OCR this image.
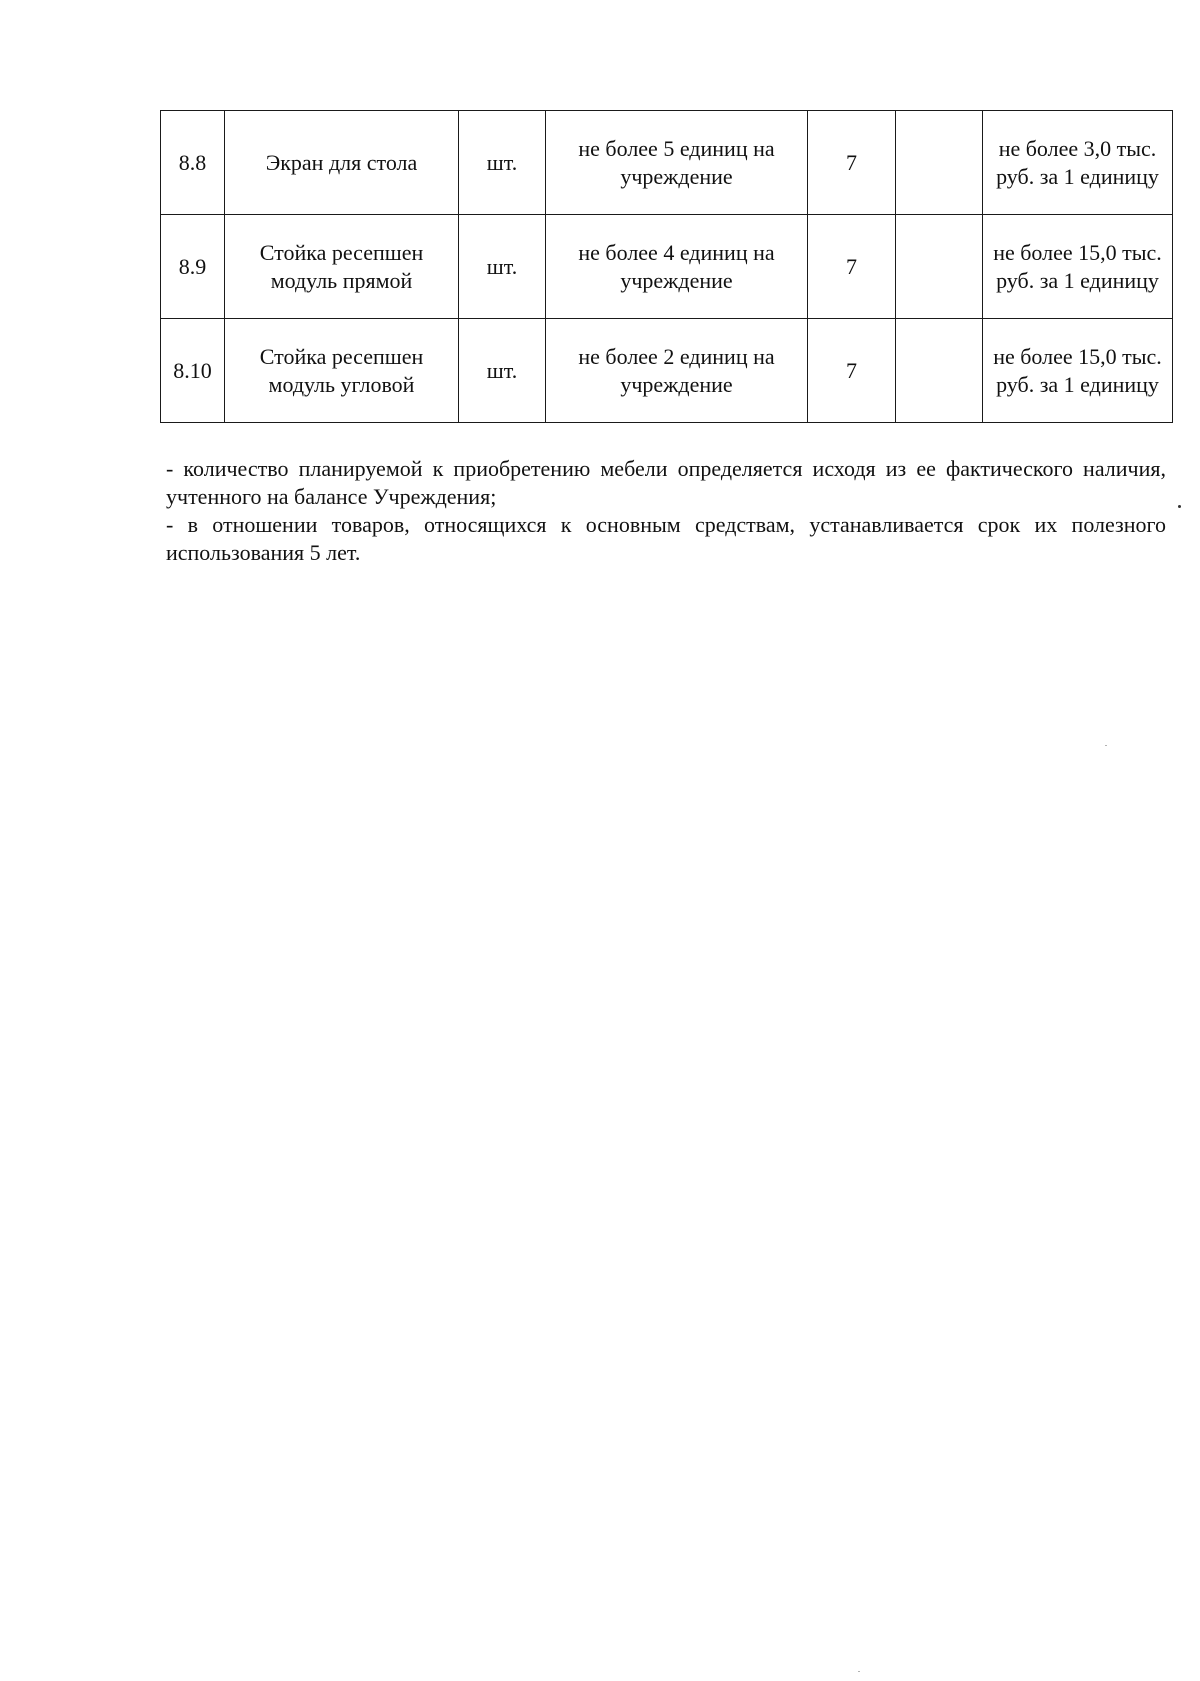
8.8	Экран для стола	шт.	не более 5 единиц на учреждение	7		не более 3,0 тыс. руб. за 1 единицу
8.9	Стойка ресепшен модуль прямой	шт.	не более 4 единиц на учреждение	7		не более 15,0 тыс. руб. за 1 единицу
8.10	Стойка ресепшен модуль угловой	шт.	не более 2 единиц на учреждение	7		не более 15,0 тыс. руб. за 1 единицу

- количество планируемой к приобретению мебели определяется исходя из ее фактического наличия, учтенного на балансе Учреждения;

- в отношении товаров, относящихся к основным средствам, устанавливается срок их полезного использования 5 лет.
